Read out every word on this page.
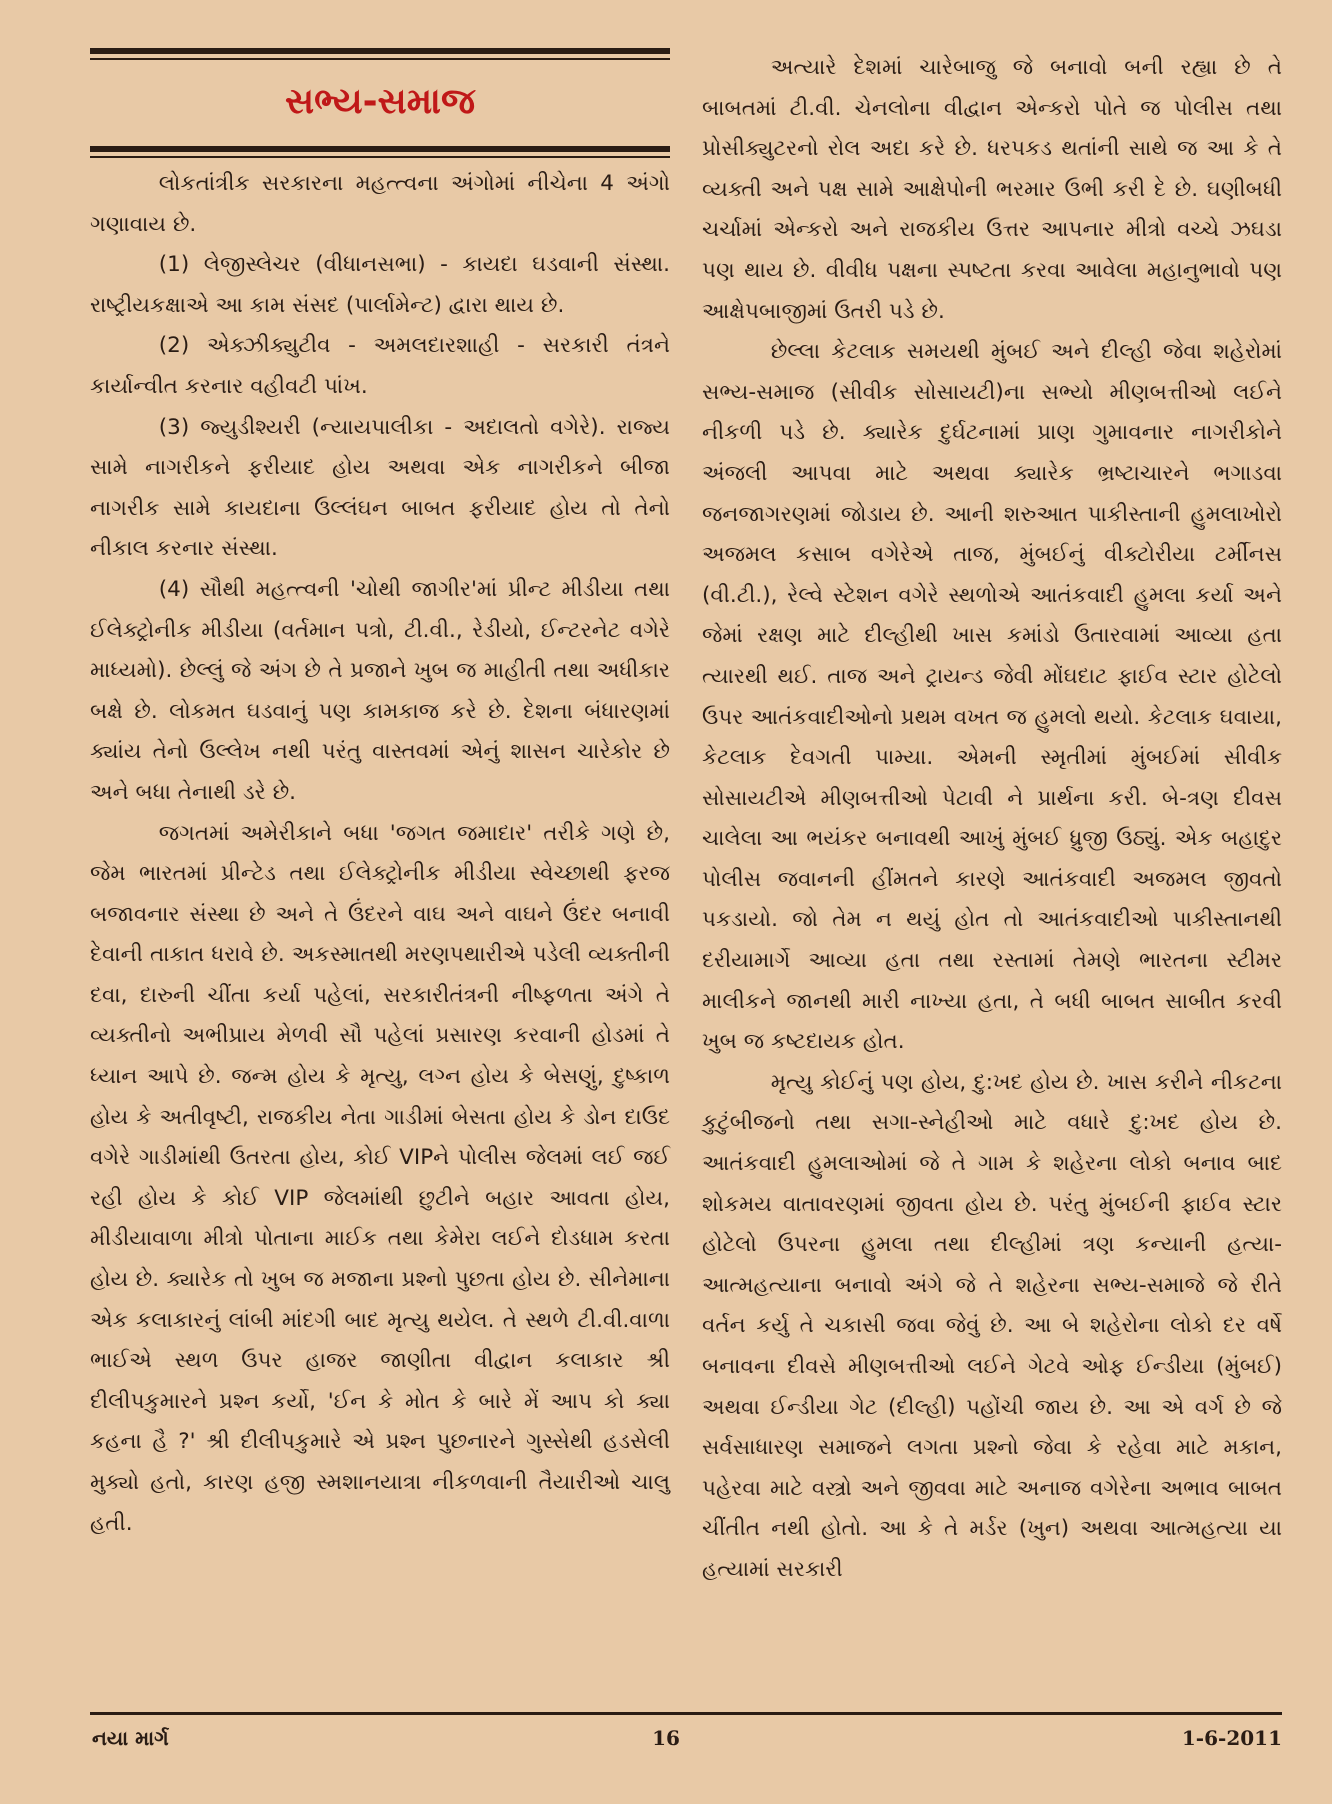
સભ્ય-સમાજ

લોકતાંત્રીક સરકારના મહત્ત્વના અંગોમાં નીચેના 4 અંગો ગણાવાય છે.

(1) લેજીસ્લેચર (વીધાનસભા) - કાયદા ઘડવાની સંસ્થા. રાષ્ટ્રીયકક્ષાએ આ કામ સંસદ (પાર્લામેન્ટ) દ્વારા થાય છે.

(2) એક્ઝીક્યુટીવ - અમલદારશાહી - સરકારી તંત્રને કાર્યાન્વીત કરનાર વહીવટી પાંખ.

(3) જ્યુડીશ્યરી (ન્યાયપાલીકા - અદાલતો વગેરે). રાજ્ય સામે નાગરીકને ફરીયાદ હોય અથવા એક નાગરીકને બીજા નાગરીક સામે કાયદાના ઉલ્લંઘન બાબત ફરીયાદ હોય તો તેનો નીકાલ કરનાર સંસ્થા.

(4) સૌથી મહત્ત્વની 'ચોથી જાગીર'માં પ્રીન્ટ મીડીયા તથા ઈલેક્ટ્રોનીક મીડીયા (વર્તમાન પત્રો, ટી.વી., રેડીયો, ઈન્ટરનેટ વગેરે માધ્યમો). છેલ્લું જે અંગ છે તે પ્રજાને ખુબ જ માહીતી તથા અધીકાર બક્ષે છે. લોકમત ઘડવાનું પણ કામકાજ કરે છે. દેશના બંધારણમાં ક્યાંય તેનો ઉલ્લેખ નથી પરંતુ વાસ્તવમાં એનું શાસન ચારેકોર છે અને બધા તેનાથી ડરે છે.

જગતમાં અમેરીકાને બધા 'જગત જમાદાર' તરીકે ગણે છે, જેમ ભારતમાં પ્રીન્ટેડ તથા ઈલેક્ટ્રોનીક મીડીયા સ્વેચ્છાથી ફરજ બજાવનાર સંસ્થા છે અને તે ઉંદરને વાઘ અને વાઘને ઉંદર બનાવી દેવાની તાકાત ધરાવે છે. અકસ્માતથી મરણપથારીએ પડેલી વ્યક્તીની દવા, દારુની ચીંતા કર્યા પહેલાં, સરકારીતંત્રની નીષ્ફળતા અંગે તે વ્યક્તીનો અભીપ્રાય મેળવી સૌ પહેલાં પ્રસારણ કરવાની હોડમાં તે ધ્યાન આપે છે. જન્મ હોય કે મૃત્યુ, લગ્ન હોય કે બેસણું, દુષ્કાળ હોય કે અતીવૃષ્ટી, રાજકીય નેતા ગાડીમાં બેસતા હોય કે ડોન દાઉદ વગેરે ગાડીમાંથી ઉતરતા હોય, કોઈ VIPને પોલીસ જેલમાં લઈ જઈ રહી હોય કે કોઈ VIP જેલમાંથી છુટીને બહાર આવતા હોય, મીડીયાવાળા મીત્રો પોતાના માઈક તથા કેમેરા લઈને દોડધામ કરતા હોય છે. ક્યારેક તો ખુબ જ મજાના પ્રશ્નો પુછતા હોય છે. સીનેમાના એક કલાકારનું લાંબી માંદગી બાદ મૃત્યુ થયેલ. તે સ્થળે ટી.વી.વાળા ભાઈએ સ્થળ ઉપર હાજર જાણીતા વીદ્વાન કલાકાર શ્રી દીલીપકુમારને પ્રશ્ન કર્યો, 'ઈન કે મોત કે બારે મેં આપ કો ક્યા કહના હૈ ?' શ્રી દીલીપકુમારે એ પ્રશ્ન પુછનારને ગુસ્સેથી હડસેલી મુક્યો હતો, કારણ હજી સ્મશાનયાત્રા નીકળવાની તૈયારીઓ ચાલુ હતી.

અત્યારે દેશમાં ચારેબાજુ જે બનાવો બની રહ્યા છે તે બાબતમાં ટી.વી. ચેનલોના વીદ્વાન એન્કરો પોતે જ પોલીસ તથા પ્રોસીક્યુટરનો રોલ અદા કરે છે. ધરપકડ થતાંની સાથે જ આ કે તે વ્યક્તી અને પક્ષ સામે આક્ષેપોની ભરમાર ઉભી કરી દે છે. ઘણીબધી ચર્ચામાં એન્કરો અને રાજકીય ઉત્તર આપનાર મીત્રો વચ્ચે ઝઘડા પણ થાય છે. વીવીધ પક્ષના સ્પષ્ટતા કરવા આવેલા મહાનુભાવો પણ આક્ષેપબાજીમાં ઉતરી પડે છે.

છેલ્લા કેટલાક સમયથી મુંબઈ અને દીલ્હી જેવા શહેરોમાં સભ્ય-સમાજ (સીવીક સોસાયટી)ના સભ્યો મીણબત્તીઓ લઈને નીકળી પડે છે. ક્યારેક દુર્ઘટનામાં પ્રાણ ગુમાવનાર નાગરીકોને અંજલી આપવા માટે અથવા ક્યારેક ભ્રષ્ટાચારને ભગાડવા જનજાગરણમાં જોડાય છે. આની શરુઆત પાકીસ્તાની હુમલાખોરો અજમલ કસાબ વગેરેએ તાજ, મુંબઈનું વીક્ટોરીયા ટર્મીનસ (વી.ટી.), રેલ્વે સ્ટેશન વગેરે સ્થળોએ આતંકવાદી હુમલા કર્યા અને જેમાં રક્ષણ માટે દીલ્હીથી ખાસ કમાંડો ઉતારવામાં આવ્યા હતા ત્યારથી થઈ. તાજ અને ટ્રાયન્ડ જેવી મોંઘદાટ ફાઈવ સ્ટાર હોટેલો ઉપર આતંકવાદીઓનો પ્રથમ વખત જ હુમલો થયો. કેટલાક ઘવાયા, કેટલાક દેવગતી પામ્યા. એમની સ્મૃતીમાં મુંબઈમાં સીવીક સોસાયટીએ મીણબત્તીઓ પેટાવી ને પ્રાર્થના કરી. બે-ત્રણ દીવસ ચાલેલા આ ભયંકર બનાવથી આખું મુંબઈ ધ્રુજી ઉઠ્યું. એક બહાદુર પોલીસ જવાનની હીંમતને કારણે આતંકવાદી અજમલ જીવતો પકડાયો. જો તેમ ન થયું હોત તો આતંકવાદીઓ પાકીસ્તાનથી દરીયામાર્ગે આવ્યા હતા તથા રસ્તામાં તેમણે ભારતના સ્ટીમર માલીકને જાનથી મારી નાખ્યા હતા, તે બધી બાબત સાબીત કરવી ખુબ જ કષ્ટદાયક હોત.

મૃત્યુ કોઈનું પણ હોય, દુ:ખદ હોય છે. ખાસ કરીને નીકટના કુટુંબીજનો તથા સગા-સ્નેહીઓ માટે વધારે દુ:ખદ હોય છે. આતંકવાદી હુમલાઓમાં જે તે ગામ કે શહેરના લોકો બનાવ બાદ શોકમય વાતાવરણમાં જીવતા હોય છે. પરંતુ મુંબઈની ફાઈવ સ્ટાર હોટેલો ઉપરના હુમલા તથા દીલ્હીમાં ત્રણ કન્યાની હત્યા-આત્મહત્યાના બનાવો અંગે જે તે શહેરના સભ્ય-સમાજે જે રીતે વર્તન કર્યુ તે ચકાસી જવા જેવું છે. આ બે શહેરોના લોકો દર વર્ષે બનાવના દીવસે મીણબત્તીઓ લઈને ગેટવે ઓફ ઈન્ડીયા (મુંબઈ) અથવા ઈન્ડીયા ગેટ (દીલ્હી) પહોંચી જાય છે. આ એ વર્ગ છે જે સર્વસાધારણ સમાજને લગતા પ્રશ્નો જેવા કે રહેવા માટે મકાન, પહેરવા માટે વસ્ત્રો અને જીવવા માટે અનાજ વગેરેના અભાવ બાબત ચીંતીત નથી હોતો. આ કે તે મર્ડર (ખુન) અથવા આત્મહત્યા યા હત્યામાં સરકારી

નયા માર્ગ	16	1-6-2011
